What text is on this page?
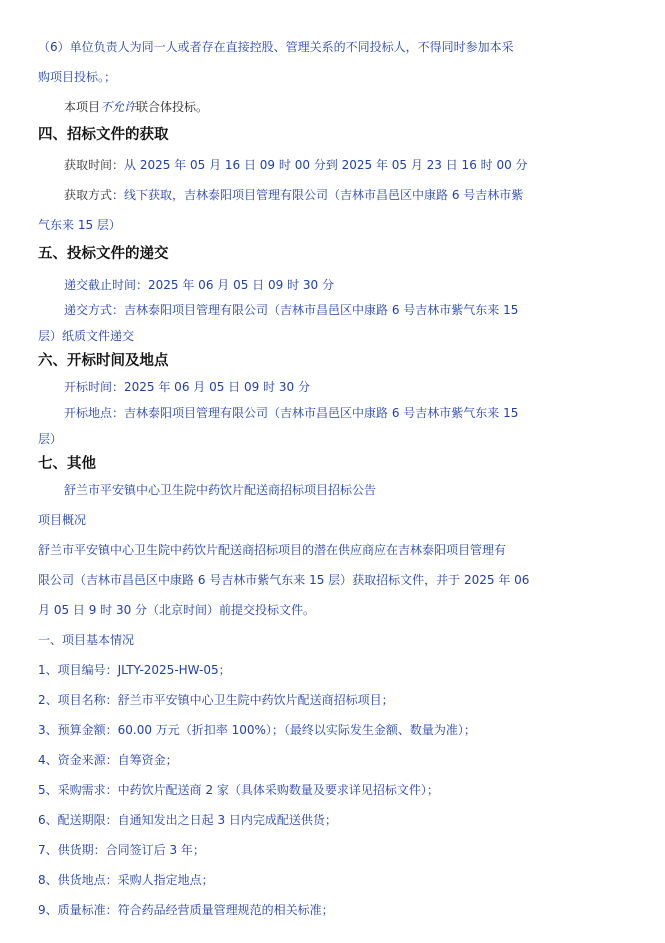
（6）单位负责人为同一人或者存在直接控股、管理关系的不同投标人，不得同时参加本采
购项目投标。；
本项目不允许联合体投标。
四、招标文件的获取
获取时间：从 2025 年 05 月 16 日 09 时 00 分到 2025 年 05 月 23 日 16 时 00 分
获取方式：线下获取，吉林泰阳项目管理有限公司（吉林市昌邑区中康路 6 号吉林市紫
气东来 15 层）
五、投标文件的递交
递交截止时间：2025 年 06 月 05 日 09 时 30 分
递交方式：吉林泰阳项目管理有限公司（吉林市昌邑区中康路 6 号吉林市紫气东来 15
层）纸质文件递交
六、开标时间及地点
开标时间：2025 年 06 月 05 日 09 时 30 分
开标地点：吉林泰阳项目管理有限公司（吉林市昌邑区中康路 6 号吉林市紫气东来 15
层）
七、其他
舒兰市平安镇中心卫生院中药饮片配送商招标项目招标公告
项目概况
舒兰市平安镇中心卫生院中药饮片配送商招标项目的潜在供应商应在吉林泰阳项目管理有
限公司（吉林市昌邑区中康路 6 号吉林市紫气东来 15 层）获取招标文件，并于 2025 年 06
月 05 日 9 时 30 分（北京时间）前提交投标文件。
一、项目基本情况
1、项目编号：JLTY-2025-HW-05；
2、项目名称：舒兰市平安镇中心卫生院中药饮片配送商招标项目；
3、预算金额：60.00 万元（折扣率 100%）；（最终以实际发生金额、数量为准）；
4、资金来源：自筹资金；
5、采购需求：中药饮片配送商 2 家（具体采购数量及要求详见招标文件）；
6、配送期限：自通知发出之日起 3 日内完成配送供货；
7、供货期：合同签订后 3 年；
8、供货地点：采购人指定地点；
9、质量标准：符合药品经营质量管理规范的相关标准；
